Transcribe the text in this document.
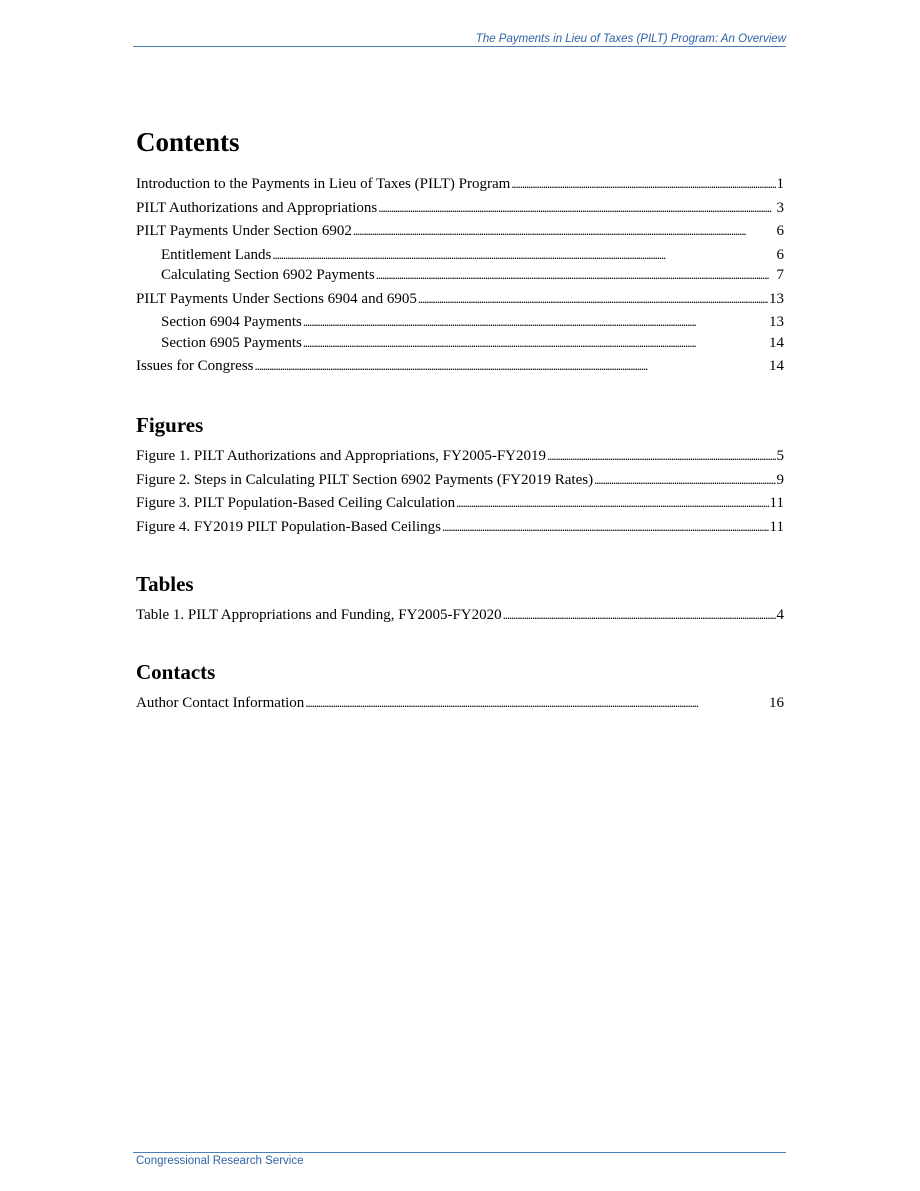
The Payments in Lieu of Taxes (PILT) Program: An Overview
Contents
Introduction to the Payments in Lieu of Taxes (PILT) Program . . .	1
PILT Authorizations and Appropriations . . .	3
PILT Payments Under Section 6902 . . .	6
Entitlement Lands . . .	6
Calculating Section 6902 Payments . . .	7
PILT Payments Under Sections 6904 and 6905 . . .	13
Section 6904 Payments . . .	13
Section 6905 Payments . . .	14
Issues for Congress . . .	14
Figures
Figure 1. PILT Authorizations and Appropriations, FY2005-FY2019 . . .	5
Figure 2. Steps in Calculating PILT Section 6902 Payments (FY2019 Rates) . . .	9
Figure 3. PILT Population-Based Ceiling Calculation . . .	11
Figure 4. FY2019 PILT Population-Based Ceilings . . .	11
Tables
Table 1. PILT Appropriations and Funding, FY2005-FY2020 . . .	4
Contacts
Author Contact Information . . .	16
Congressional Research Service
